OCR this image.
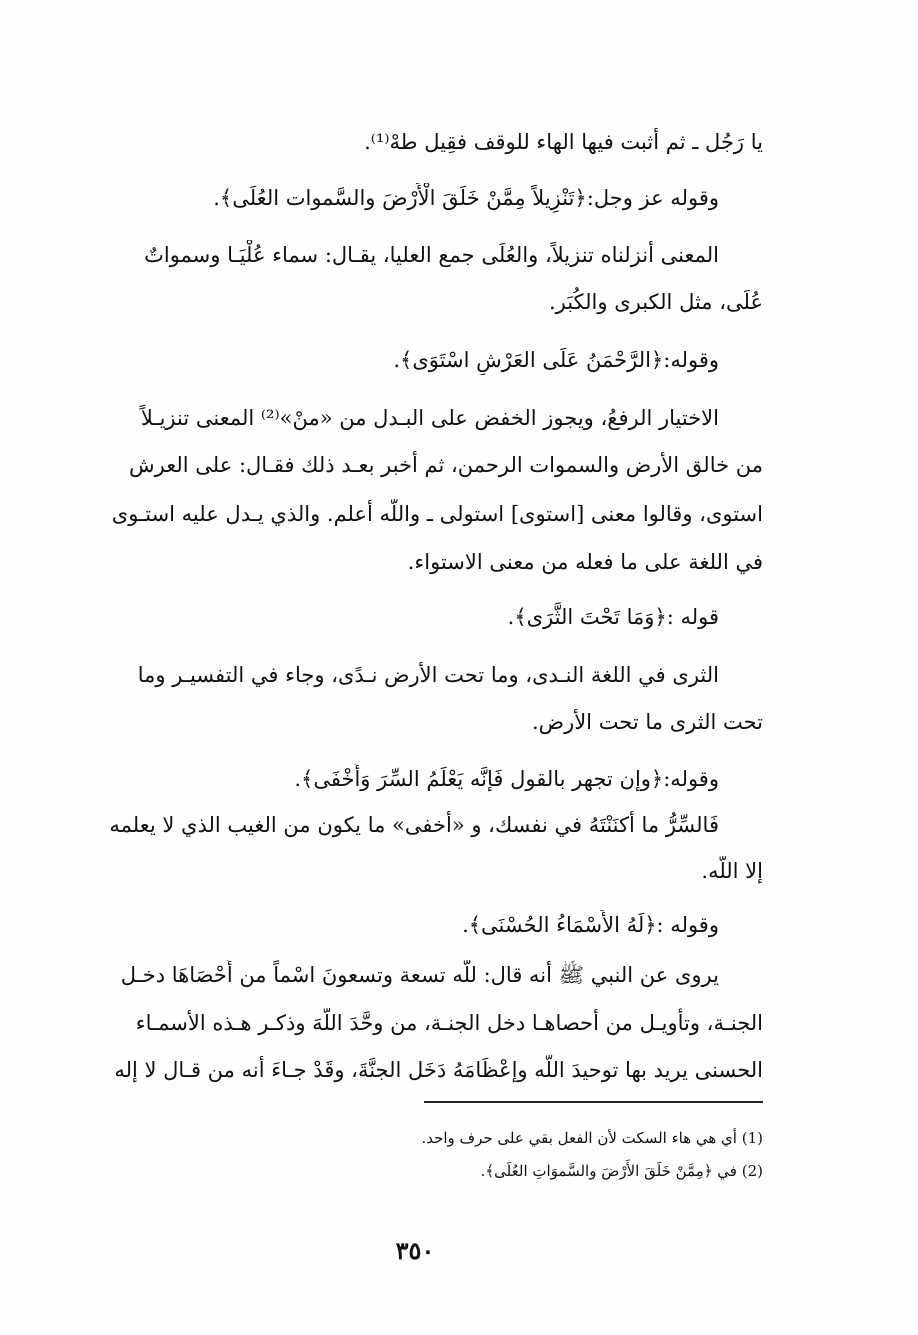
يا رَجُل ـ ثم أثبت فيها الهاء للوقف فقِيل طهْ⁽¹⁾.
وقوله عز وجل:﴿تَنْزِيلاً مِمَّنْ خَلَقَ الْأَرْضَ والسَّموات العُلَى﴾.
المعنى أنزلناه تنزيلاً، والعُلَى جمع العليا، يقـال: سماء عُلْيَـا وسمواتٌ
عُلَى، مثل الكبرى والكُبَر.
وقوله:﴿الرَّحْمَنُ عَلَى العَرْشِ اسْتَوَى﴾.
الاختيار الرفعُ، ويجوز الخفض على البـدل من «منْ»⁽²⁾ المعنى تنزيـلاً
من خالق الأرض والسموات الرحمن، ثم أخبر بعـد ذلك فقـال: على العرش
استوى، وقالوا معنى [استوى] استولى ـ واللَّه أعلم. والذي يـدل عليه استـوى
في اللغة على ما فعله من معنى الاستواء.
قوله :﴿وَمَا تَحْتَ الثَّرَى﴾.
الثرى في اللغة النـدى، وما تحت الأرض نـدًى، وجاء في التفسيـر وما
تحت الثرى ما تحت الأرض.
وقوله:﴿وإن تجهر بالقول فَإنَّه يَعْلَمُ السِّرَ وَأَخْفَى﴾.
فَالسِّرُّ ما أكنَنْتَهُ في نفسك، و «أخفى» ما يكون من الغيب الذي لا يعلمه
إلا اللَّه.
وقوله :﴿لَهُ الأَسْمَاءُ الحُسْنَى﴾.
يروى عن النبي ﷺ أنه قال: للَّه تسعة وتسعونَ اسْماً من أَحْصَاهَا دخـل
الجنـة، وتأويـل من أحصاهـا دخل الجنـة، من وحَّدَ اللَّهَ وذكـر هـذه الأسمـاء
الحسنى يريد بها توحيدَ اللَّه وإعْظَامَهُ دَخَل الجنَّةَ، وقَدْ جـاءَ أنه من قـال لا إله
(1) أي هي هاء السكت لأن الفعل بقي على حرف واحد.
(2) في ﴿مِمَّنْ خَلَقَ الأَرْضَ والسَّموَاتِ العُلَى﴾.
٣٥٠
